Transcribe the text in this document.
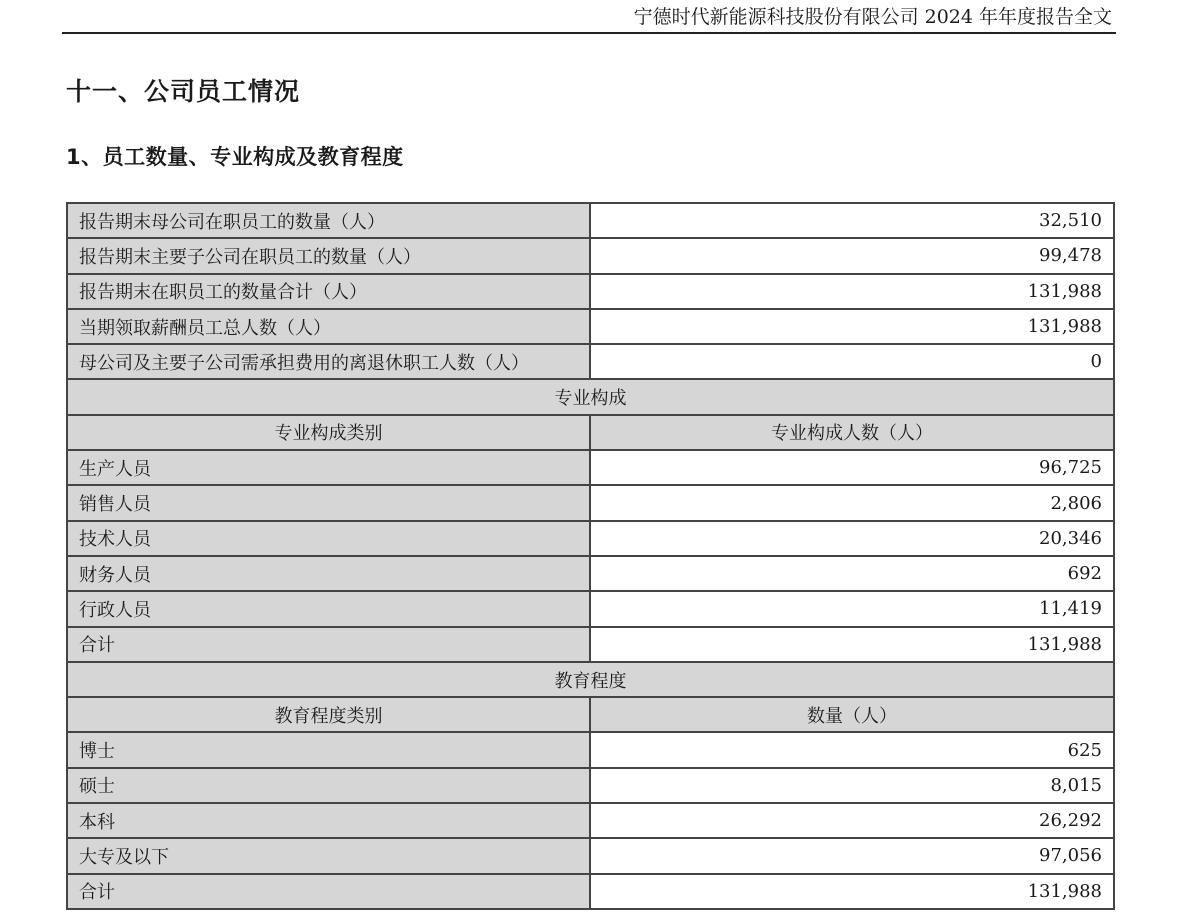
宁德时代新能源科技股份有限公司 2024 年年度报告全文
十一、公司员工情况
1、员工数量、专业构成及教育程度
报告期末母公司在职员工的数量（人）	32,510
报告期末主要子公司在职员工的数量（人）	99,478
报告期末在职员工的数量合计（人）	131,988
当期领取薪酬员工总人数（人）	131,988
母公司及主要子公司需承担费用的离退休职工人数（人）	0
专业构成	
专业构成类别	专业构成人数（人）
生产人员	96,725
销售人员	2,806
技术人员	20,346
财务人员	692
行政人员	11,419
合计	131,988
教育程度	
教育程度类别	数量（人）
博士	625
硕士	8,015
本科	26,292
大专及以下	97,056
合计	131,988
